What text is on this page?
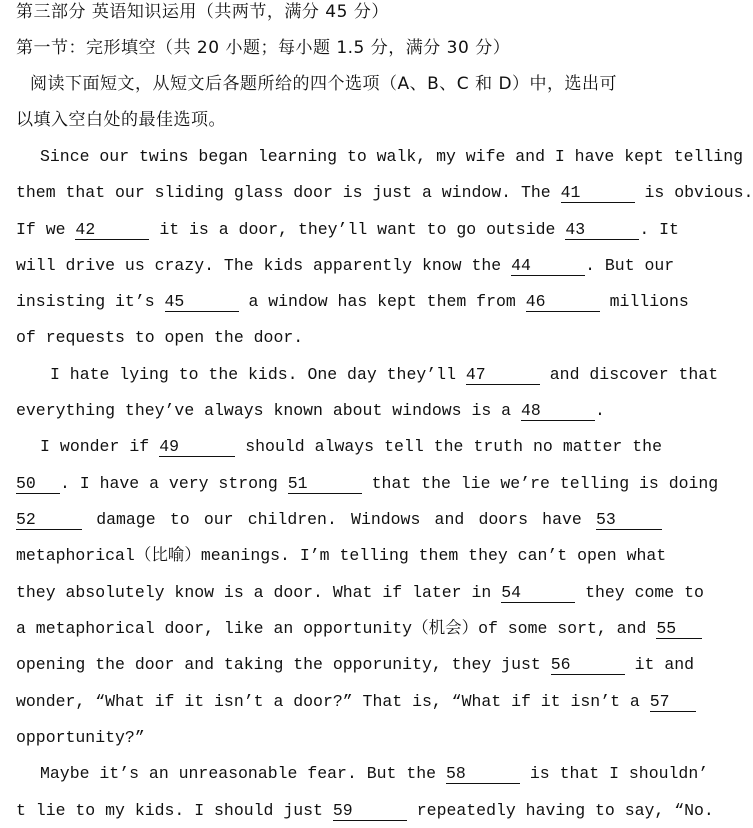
第三部分 英语知识运用（共两节，满分 45 分）
第一节：完形填空（共 20 小题；每小题 1.5 分，满分 30 分）
阅读下面短文，从短文后各题所给的四个选项（A、B、C 和 D）中，选出可
以填入空白处的最佳选项。
Since our twins began learning to walk, my wife and I have kept telling
them that our sliding glass door is just a window. The 41	is obvious.
If we 42	it is a door, they’ll want to go outside 43	. It
will drive us crazy. The kids apparently know the 44	. But our
insisting it’s 45	a window has kept them from 46	millions
of requests to open the door.
I hate lying to the kids. One day they’ll 47	and discover that
everything they’ve always known about windows is a 48	.
I wonder if 49	should always tell the truth no matter the
50 . I have a very strong 51	that the lie we’re telling is doing
52	damage to our children. Windows and doors have 53
metaphorical（比喻）meanings. I’m telling them they can’t open what
they absolutely know is a door. What if later in 54	they come to
a metaphorical door, like an opportunity（机会）of some sort, and 55
opening the door and taking the opporunity, they just 56	it and
wonder, “What if it isn’t a door?” That is, “What if it isn’t a 57
opportunity?”
Maybe it’s an unreasonable fear. But the 58	is that I shouldn’
t lie to my kids. I should just 59	repeatedly having to say, “No.
